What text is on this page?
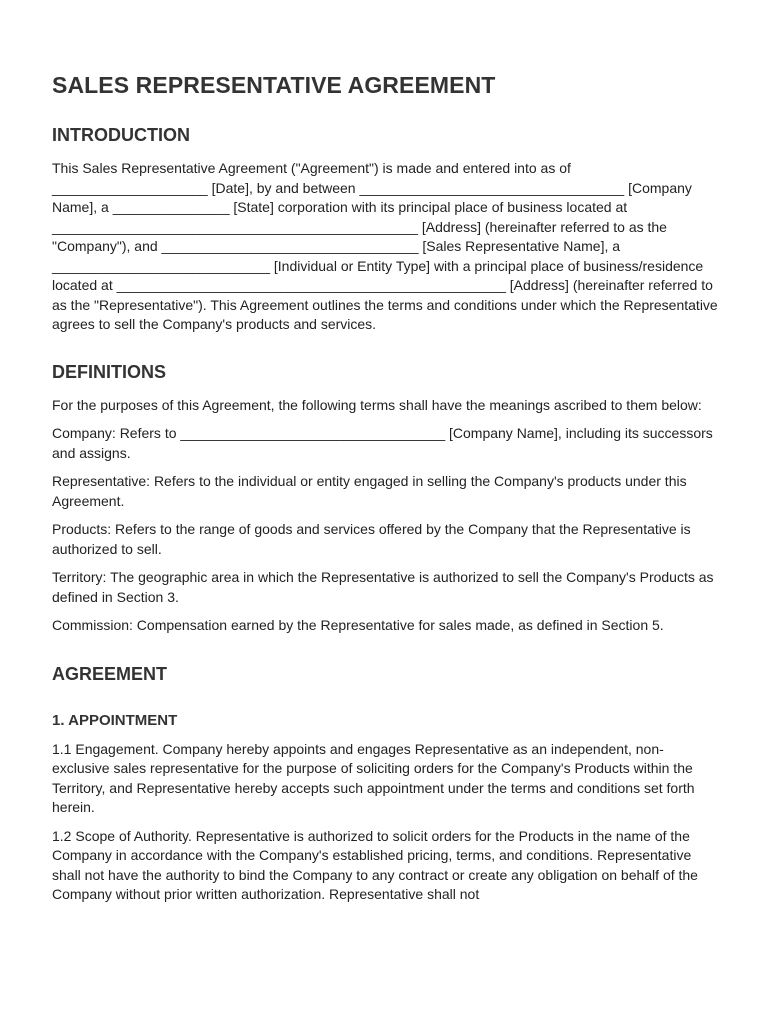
SALES REPRESENTATIVE AGREEMENT
INTRODUCTION

This Sales Representative Agreement ("Agreement") is made and entered into as of ____________________ [Date], by and between __________________________________ [Company Name], a _______________ [State] corporation with its principal place of business located at _______________________________________________ [Address] (hereinafter referred to as the "Company"), and _________________________________ [Sales Representative Name], a ____________________________ [Individual or Entity Type] with a principal place of business/residence located at __________________________________________________ [Address] (hereinafter referred to as the "Representative"). This Agreement outlines the terms and conditions under which the Representative agrees to sell the Company's products and services.

DEFINITIONS

For the purposes of this Agreement, the following terms shall have the meanings ascribed to them below:

Company: Refers to __________________________________ [Company Name], including its successors and assigns.

Representative: Refers to the individual or entity engaged in selling the Company's products under this Agreement.

Products: Refers to the range of goods and services offered by the Company that the Representative is authorized to sell.

Territory: The geographic area in which the Representative is authorized to sell the Company's Products as defined in Section 3.

Commission: Compensation earned by the Representative for sales made, as defined in Section 5.

AGREEMENT
1. APPOINTMENT

1.1 Engagement. Company hereby appoints and engages Representative as an independent, non-exclusive sales representative for the purpose of soliciting orders for the Company's Products within the Territory, and Representative hereby accepts such appointment under the terms and conditions set forth herein.

1.2 Scope of Authority. Representative is authorized to solicit orders for the Products in the name of the Company in accordance with the Company's established pricing, terms, and conditions. Representative shall not have the authority to bind the Company to any contract or create any obligation on behalf of the Company without prior written authorization. Representative shall not
